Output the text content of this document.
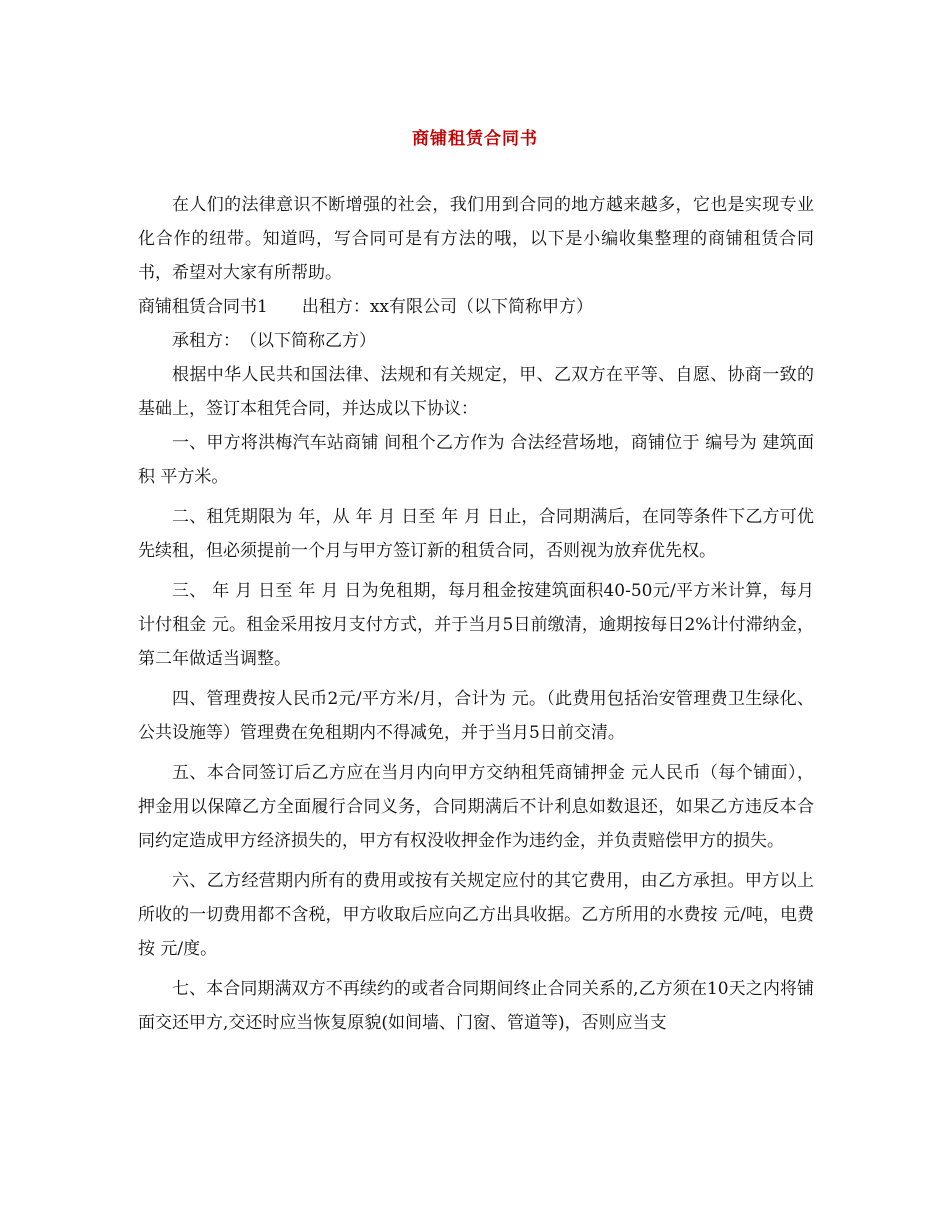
商铺租赁合同书

在人们的法律意识不断增强的社会，我们用到合同的地方越来越多，它也是实现专业化合作的纽带。知道吗，写合同可是有方法的哦，以下是小编收集整理的商铺租赁合同书，希望对大家有所帮助。

商铺租赁合同书1　　出租方：xx有限公司（以下简称甲方）

承租方：　（以下简称乙方）

根据中华人民共和国法律、法规和有关规定，甲、乙双方在平等、自愿、协商一致的基础上，签订本租凭合同，并达成以下协议：

一、甲方将洪梅汽车站商铺 间租个乙方作为 合法经营场地，商铺位于 编号为 建筑面积 平方米。

二、租凭期限为 年，从 年 月 日至 年 月 日止，合同期满后，在同等条件下乙方可优先续租，但必须提前一个月与甲方签订新的租赁合同，否则视为放弃优先权。

三、 年 月 日至 年 月 日为免租期，每月租金按建筑面积40-50元/平方米计算，每月计付租金 元。租金采用按月支付方式，并于当月5日前缴清，逾期按每日2%计付滞纳金，第二年做适当调整。

四、管理费按人民币2元/平方米/月，合计为 元。（此费用包括治安管理费卫生绿化、公共设施等）管理费在免租期内不得减免，并于当月5日前交清。

五、本合同签订后乙方应在当月内向甲方交纳租凭商铺押金 元人民币（每个铺面），押金用以保障乙方全面履行合同义务，合同期满后不计利息如数退还，如果乙方违反本合同约定造成甲方经济损失的，甲方有权没收押金作为违约金，并负责赔偿甲方的损失。

六、乙方经营期内所有的费用或按有关规定应付的其它费用，由乙方承担。甲方以上所收的一切费用都不含税，甲方收取后应向乙方出具收据。乙方所用的水费按 元/吨，电费按 元/度。

七、本合同期满双方不再续约的或者合同期间终止合同关系的,乙方须在10天之内将铺面交还甲方,交还时应当恢复原貌(如间墙、门窗、管道等)，否则应当支
